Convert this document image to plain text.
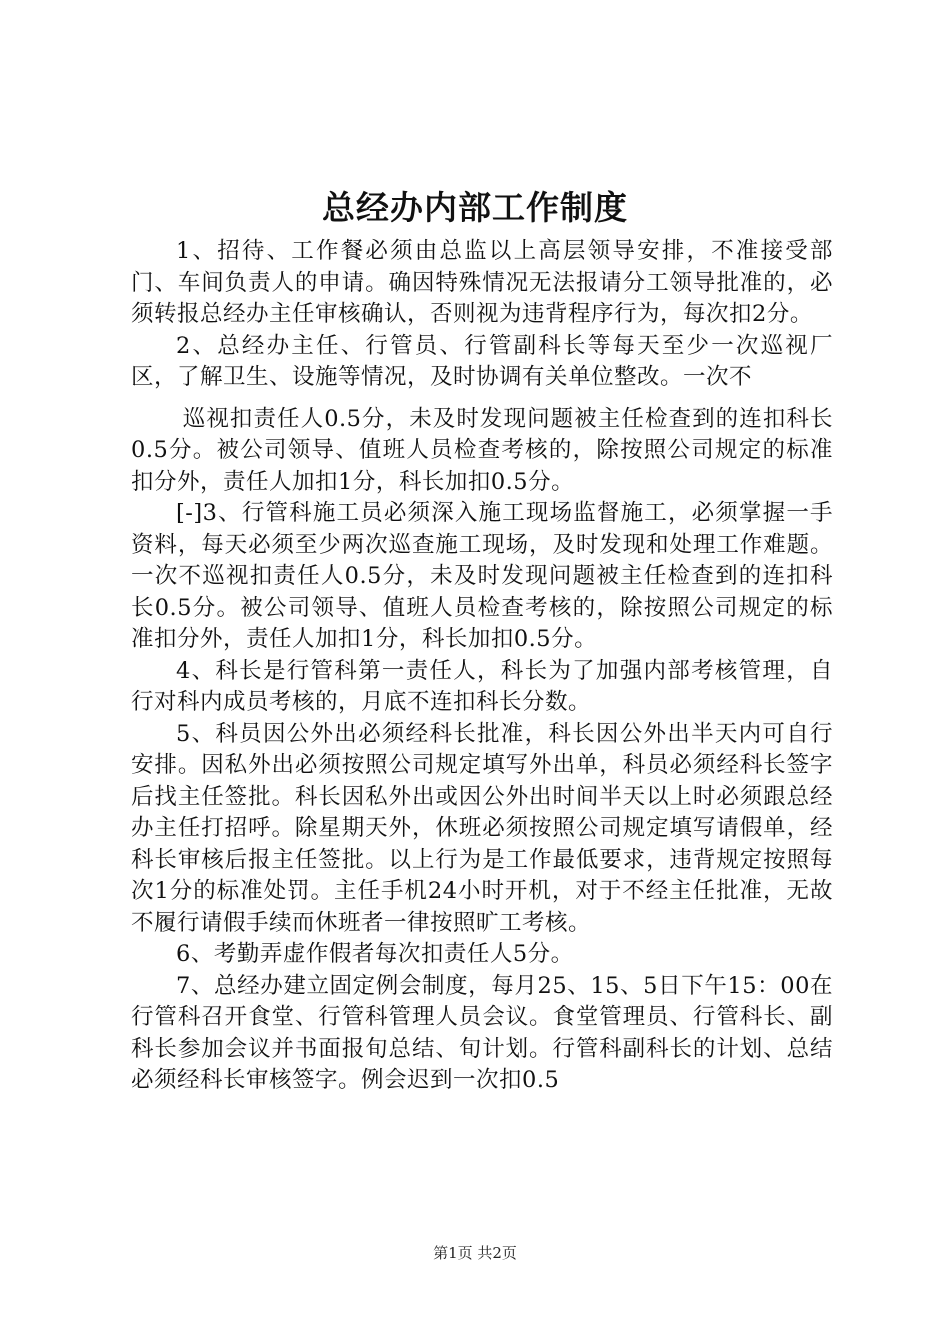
总经办内部工作制度

1、招待、工作餐必须由总监以上高层领导安排，不准接受部门、车间负责人的申请。确因特殊情况无法报请分工领导批准的，必须转报总经办主任审核确认，否则视为违背程序行为，每次扣2分。

2、总经办主任、行管员、行管副科长等每天至少一次巡视厂区，了解卫生、设施等情况，及时协调有关单位整改。一次不

巡视扣责任人0.5分，未及时发现问题被主任检查到的连扣科长0.5分。被公司领导、值班人员检查考核的，除按照公司规定的标准扣分外，责任人加扣1分，科长加扣0.5分。

[-]3、行管科施工员必须深入施工现场监督施工，必须掌握一手资料，每天必须至少两次巡查施工现场，及时发现和处理工作难题。一次不巡视扣责任人0.5分，未及时发现问题被主任检查到的连扣科长0.5分。被公司领导、值班人员检查考核的，除按照公司规定的标准扣分外，责任人加扣1分，科长加扣0.5分。

4、科长是行管科第一责任人，科长为了加强内部考核管理，自行对科内成员考核的，月底不连扣科长分数。

5、科员因公外出必须经科长批准，科长因公外出半天内可自行安排。因私外出必须按照公司规定填写外出单，科员必须经科长签字后找主任签批。科长因私外出或因公外出时间半天以上时必须跟总经办主任打招呼。除星期天外，休班必须按照公司规定填写请假单，经科长审核后报主任签批。以上行为是工作最低要求，违背规定按照每次1分的标准处罚。主任手机24小时开机，对于不经主任批准，无故不履行请假手续而休班者一律按照旷工考核。

6、考勤弄虚作假者每次扣责任人5分。

7、总经办建立固定例会制度，每月25、15、5日下午15：00在行管科召开食堂、行管科管理人员会议。食堂管理员、行管科长、副科长参加会议并书面报旬总结、旬计划。行管科副科长的计划、总结必须经科长审核签字。例会迟到一次扣0.5

第1页 共2页
